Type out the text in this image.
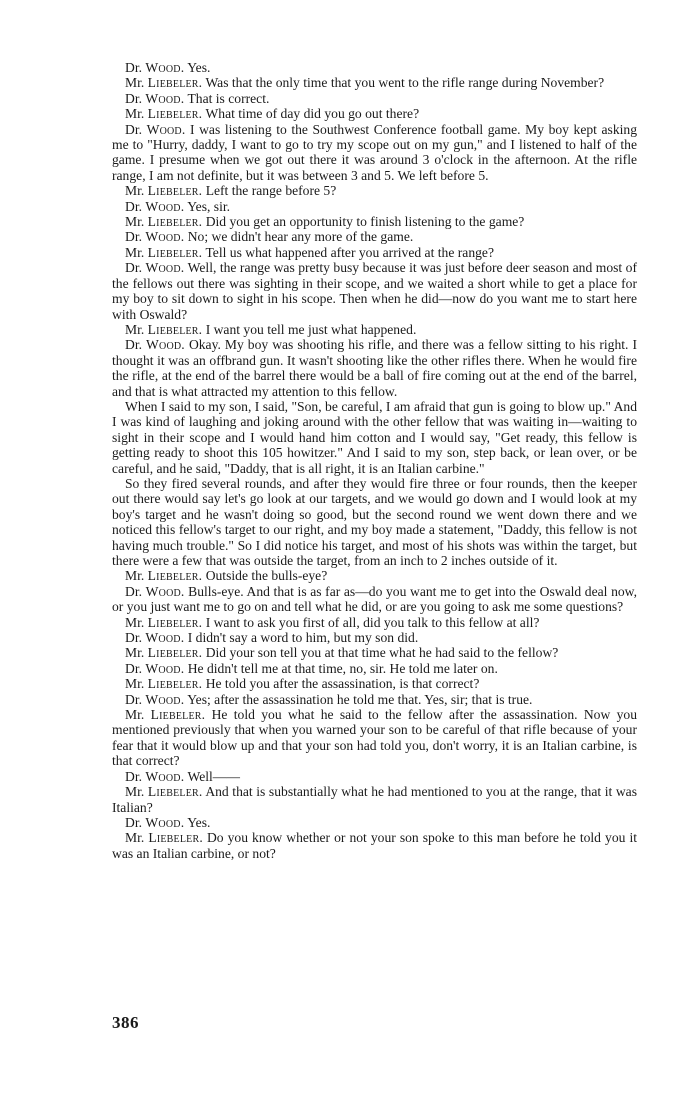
Dr. Wood. Yes.

Mr. Liebeler. Was that the only time that you went to the rifle range during November?

Dr. Wood. That is correct.

Mr. Liebeler. What time of day did you go out there?

Dr. Wood. I was listening to the Southwest Conference football game. My boy kept asking me to "Hurry, daddy, I want to go to try my scope out on my gun," and I listened to half of the game. I presume when we got out there it was around 3 o'clock in the afternoon. At the rifle range, I am not definite, but it was between 3 and 5. We left before 5.

Mr. Liebeler. Left the range before 5?

Dr. Wood. Yes, sir.

Mr. Liebeler. Did you get an opportunity to finish listening to the game?

Dr. Wood. No; we didn't hear any more of the game.

Mr. Liebeler. Tell us what happened after you arrived at the range?

Dr. Wood. Well, the range was pretty busy because it was just before deer season and most of the fellows out there was sighting in their scope, and we waited a short while to get a place for my boy to sit down to sight in his scope. Then when he did—now do you want me to start here with Oswald?

Mr. Liebeler. I want you tell me just what happened.

Dr. Wood. Okay. My boy was shooting his rifle, and there was a fellow sitting to his right. I thought it was an offbrand gun. It wasn't shooting like the other rifles there. When he would fire the rifle, at the end of the barrel there would be a ball of fire coming out at the end of the barrel, and that is what attracted my attention to this fellow.

When I said to my son, I said, "Son, be careful, I am afraid that gun is going to blow up." And I was kind of laughing and joking around with the other fellow that was waiting in—waiting to sight in their scope and I would hand him cotton and I would say, "Get ready, this fellow is getting ready to shoot this 105 howitzer." And I said to my son, step back, or lean over, or be careful, and he said, "Daddy, that is all right, it is an Italian carbine."

So they fired several rounds, and after they would fire three or four rounds, then the keeper out there would say let's go look at our targets, and we would go down and I would look at my boy's target and he wasn't doing so good, but the second round we went down there and we noticed this fellow's target to our right, and my boy made a statement, "Daddy, this fellow is not having much trouble." So I did notice his target, and most of his shots was within the target, but there were a few that was outside the target, from an inch to 2 inches outside of it.

Mr. Liebeler. Outside the bulls-eye?

Dr. Wood. Bulls-eye. And that is as far as—do you want me to get into the Oswald deal now, or you just want me to go on and tell what he did, or are you going to ask me some questions?

Mr. Liebeler. I want to ask you first of all, did you talk to this fellow at all?

Dr. Wood. I didn't say a word to him, but my son did.

Mr. Liebeler. Did your son tell you at that time what he had said to the fellow?

Dr. Wood. He didn't tell me at that time, no, sir. He told me later on.

Mr. Liebeler. He told you after the assassination, is that correct?

Dr. Wood. Yes; after the assassination he told me that. Yes, sir; that is true.

Mr. Liebeler. He told you what he said to the fellow after the assassination. Now you mentioned previously that when you warned your son to be careful of that rifle because of your fear that it would blow up and that your son had told you, don't worry, it is an Italian carbine, is that correct?

Dr. Wood. Well——

Mr. Liebeler. And that is substantially what he had mentioned to you at the range, that it was Italian?

Dr. Wood. Yes.

Mr. Liebeler. Do you know whether or not your son spoke to this man before he told you it was an Italian carbine, or not?

386
